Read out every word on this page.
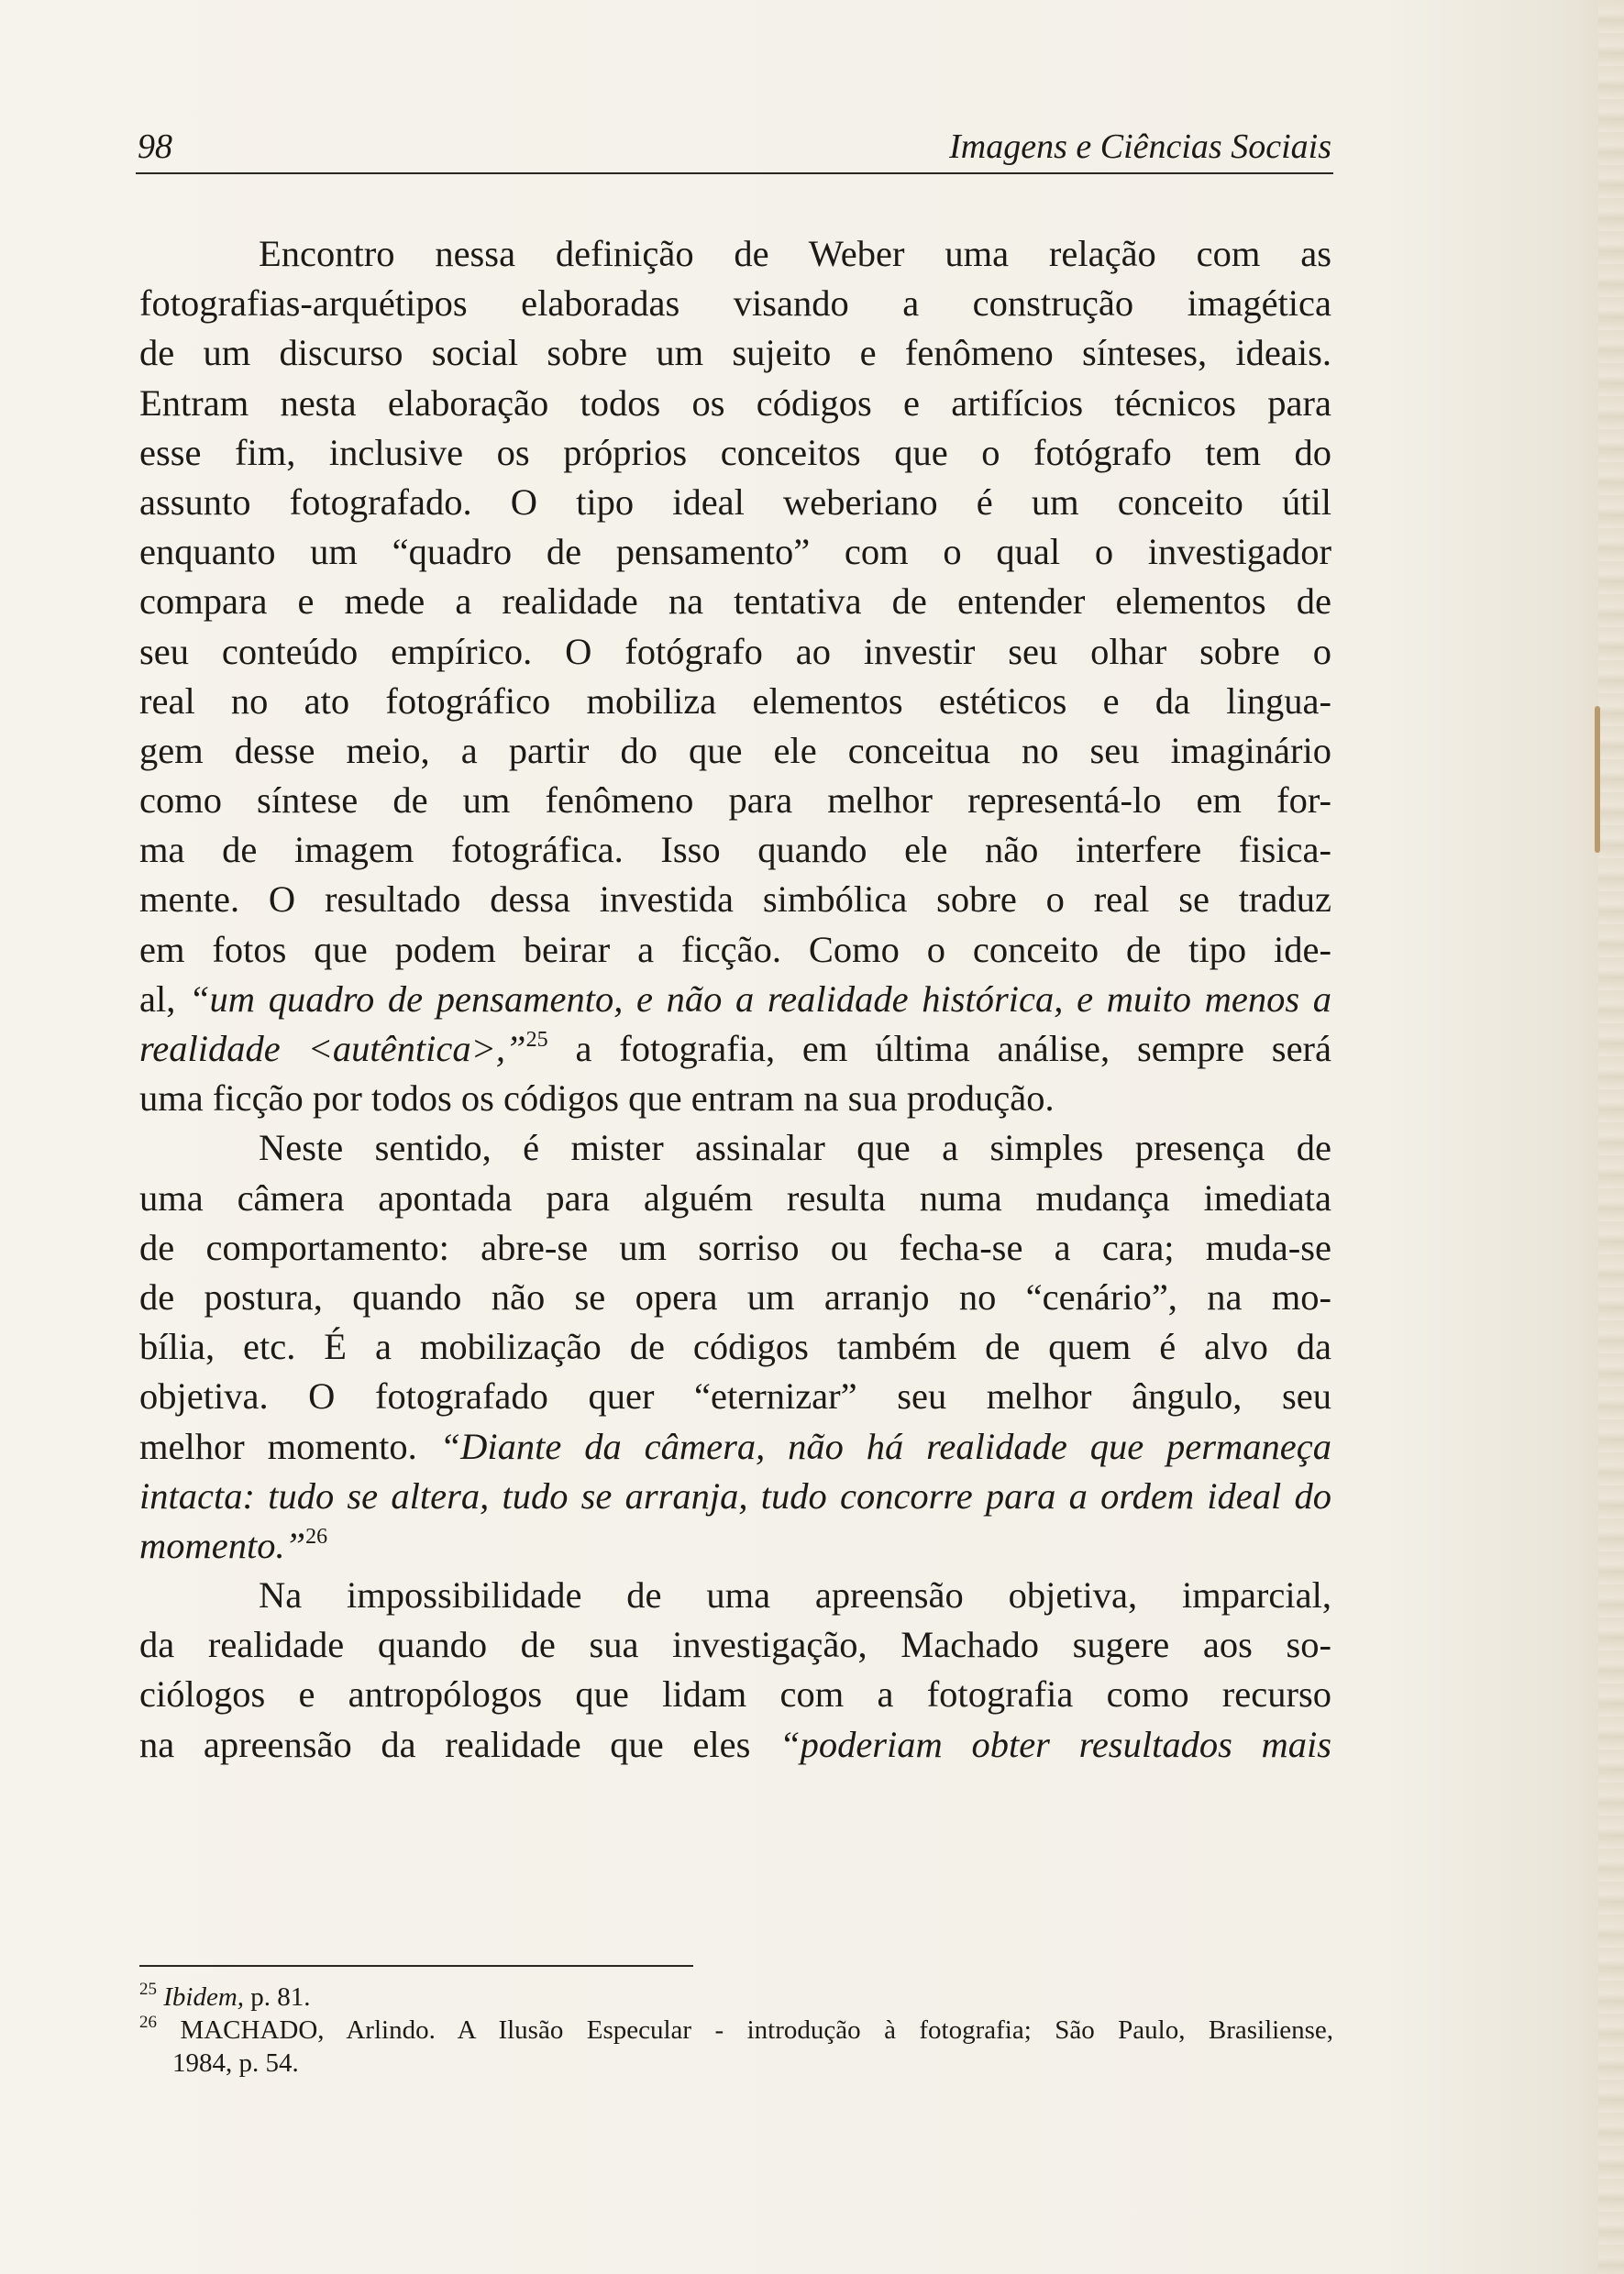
98	Imagens e Ciências Sociais
Encontro nessa definição de Weber uma relação com as
fotografias-arquétipos elaboradas visando a construção imagética
de um discurso social sobre um sujeito e fenômeno sínteses, ideais.
Entram nesta elaboração todos os códigos e artifícios técnicos para
esse fim, inclusive os próprios conceitos que o fotógrafo tem do
assunto fotografado. O tipo ideal weberiano é um conceito útil
enquanto um “quadro de pensamento” com o qual o investigador
compara e mede a realidade na tentativa de entender elementos de
seu conteúdo empírico. O fotógrafo ao investir seu olhar sobre o
real no ato fotográfico mobiliza elementos estéticos e da lingua-
gem desse meio, a partir do que ele conceitua no seu imaginário
como síntese de um fenômeno para melhor representá-lo em for-
ma de imagem fotográfica. Isso quando ele não interfere fisica-
mente. O resultado dessa investida simbólica sobre o real se traduz
em fotos que podem beirar a ficção. Como o conceito de tipo ide-
al, “um quadro de pensamento, e não a realidade histórica, e muito menos a
realidade <autêntica>,”$^{25}$ a fotografia, em última análise, sempre será
uma ficção por todos os códigos que entram na sua produção.
Neste sentido, é mister assinalar que a simples presença de
uma câmera apontada para alguém resulta numa mudança imediata
de comportamento: abre-se um sorriso ou fecha-se a cara; muda-se
de postura, quando não se opera um arranjo no “cenário”, na mo-
bília, etc. É a mobilização de códigos também de quem é alvo da
objetiva. O fotografado quer “eternizar” seu melhor ângulo, seu
melhor momento. “Diante da câmera, não há realidade que permaneça
intacta: tudo se altera, tudo se arranja, tudo concorre para a ordem ideal do
momento.”$^{26}$
Na impossibilidade de uma apreensão objetiva, imparcial,
da realidade quando de sua investigação, Machado sugere aos so-
ciólogos e antropólogos que lidam com a fotografia como recurso
na apreensão da realidade que eles “poderiam obter resultados mais
$^{25}$ Ibidem, p. 81.
$^{26}$ MACHADO, Arlindo. A Ilusão Especular - introdução à fotografia; São Paulo, Brasiliense,
1984, p. 54.
